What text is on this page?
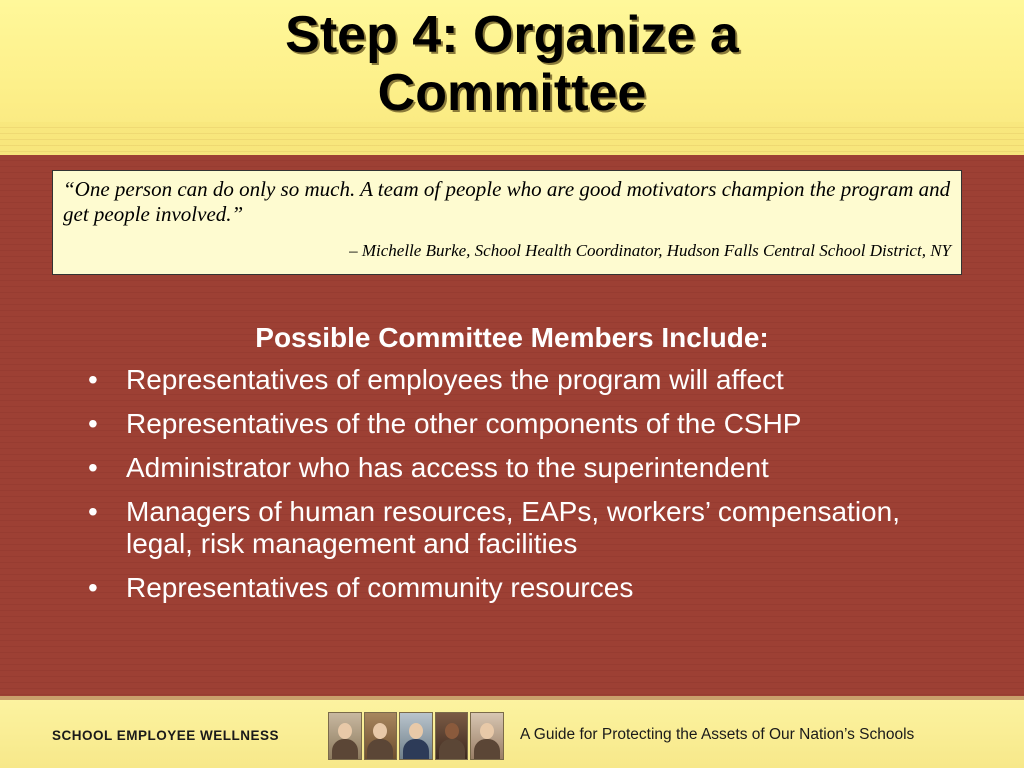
Step 4: Organize a
Committee

“One person can do only so much. A team of people who are good motivators champion the program and get people involved.”

– Michelle Burke, School Health Coordinator, Hudson Falls Central School District, NY

Possible Committee Members Include:
• Representatives of employees the program will affect
• Representatives of the other components of the CSHP
• Administrator who has access to the superintendent
• Managers of human resources, EAPs, workers’ compensation, legal, risk management and facilities
• Representatives of community resources
SCHOOL EMPLOYEE WELLNESS	A Guide for Protecting the Assets of Our Nation’s Schools
